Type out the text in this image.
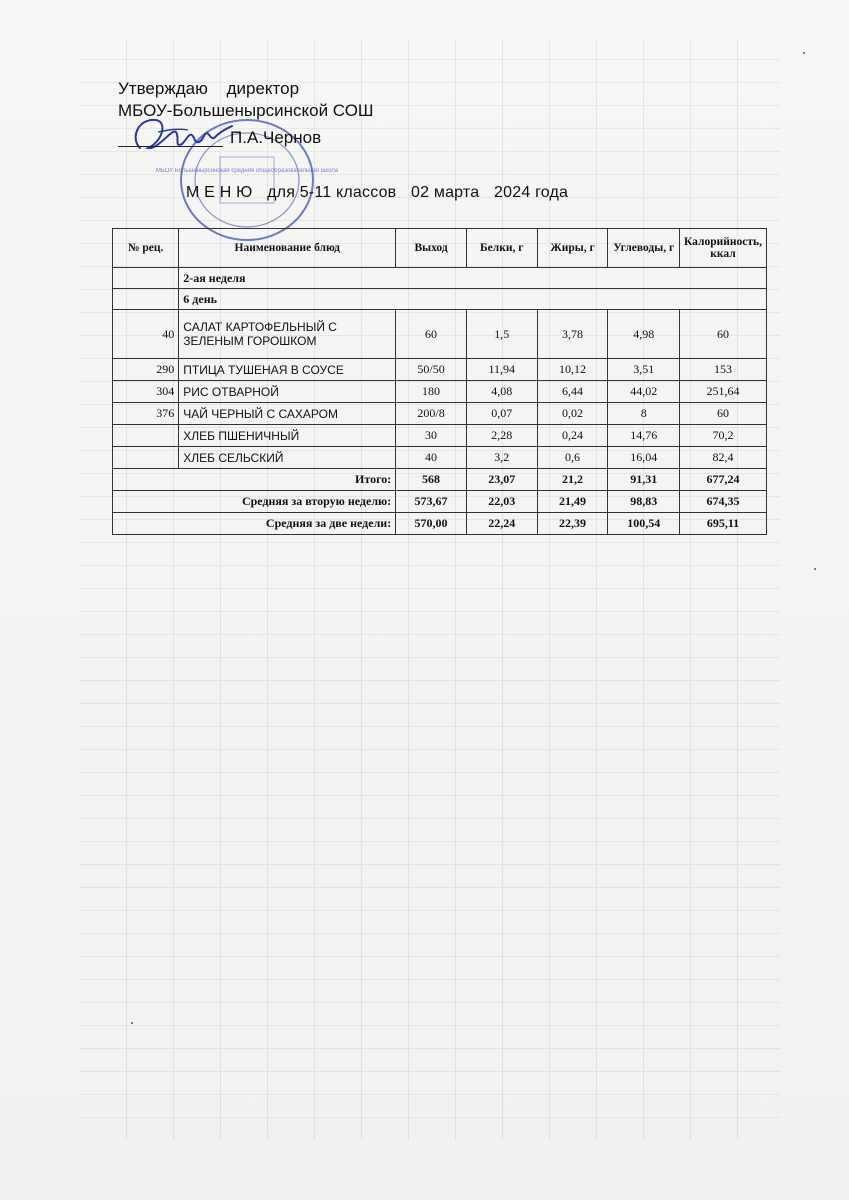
Утверждаю директор
МБОУ-Большенырсинской СОШ
МБОУ Большенырсинская средняя общеобразовательная школа
П.А.Чернов
М Е Н Ю для 5-11 классов 02 марта 2024 года
№ рец.	Наименование блюд	Выход	Белки, г	Жиры, г	Углеводы, г	Калорийность, ккал
	2-ая неделя					
	6 день					
40	САЛАТ КАРТОФЕЛЬНЫЙ С ЗЕЛЕНЫМ ГОРОШКОМ	60	1,5	3,78	4,98	60
290	ПТИЦА ТУШЕНАЯ В СОУСЕ	50/50	11,94	10,12	3,51	153
304	РИС ОТВАРНОЙ	180	4,08	6,44	44,02	251,64
376	ЧАЙ ЧЕРНЫЙ С САХАРОМ	200/8	0,07	0,02	8	60
	ХЛЕБ ПШЕНИЧНЫЙ	30	2,28	0,24	14,76	70,2
	ХЛЕБ СЕЛЬСКИЙ	40	3,2	0,6	16,04	82,4
Итого:		568	23,07	21,2	91,31	677,24
Средняя за вторую неделю:		573,67	22,03	21,49	98,83	674,35
Средняя за две недели:		570,00	22,24	22,39	100,54	695,11
